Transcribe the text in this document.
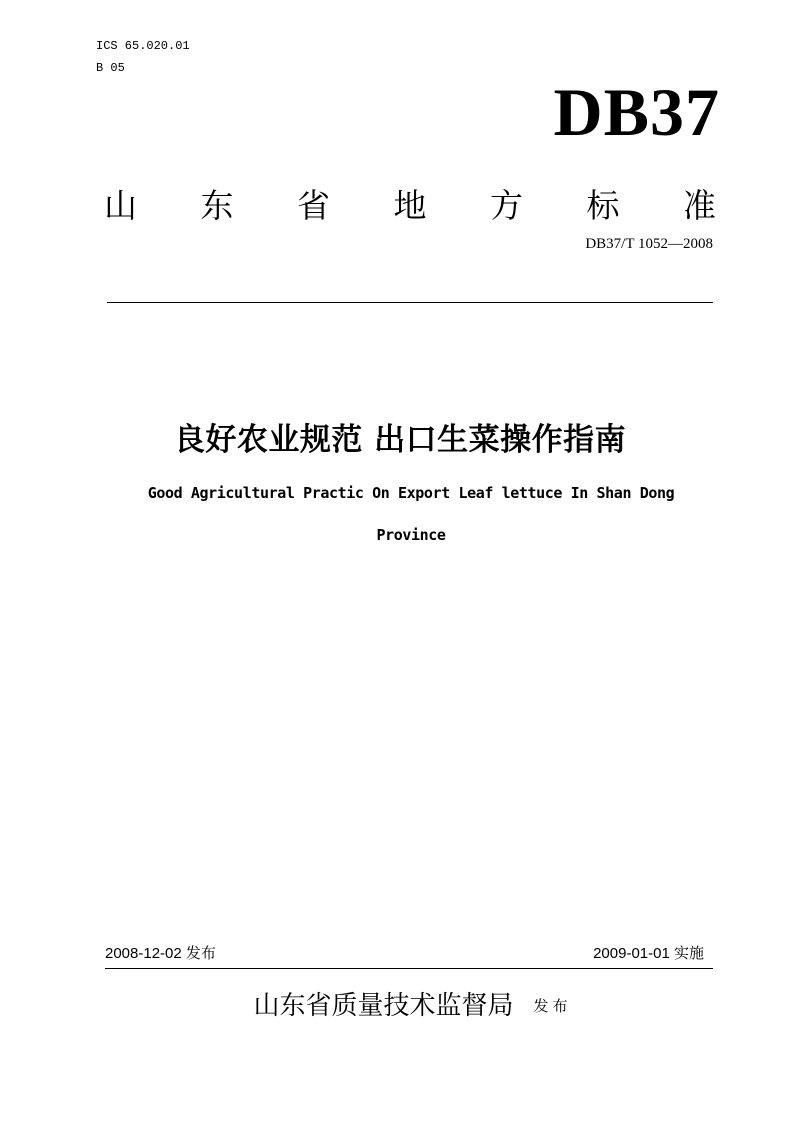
ICS 65.020.01
B 05
DB37
山 东 省 地 方 标 准
DB37/T 1052—2008
良好农业规范 出口生菜操作指南
Good Agricultural Practic On Export Leaf lettuce In Shan Dong
Province
2008-12-02 发布	2009-01-01 实施
山东省质量技术监督局 发布
